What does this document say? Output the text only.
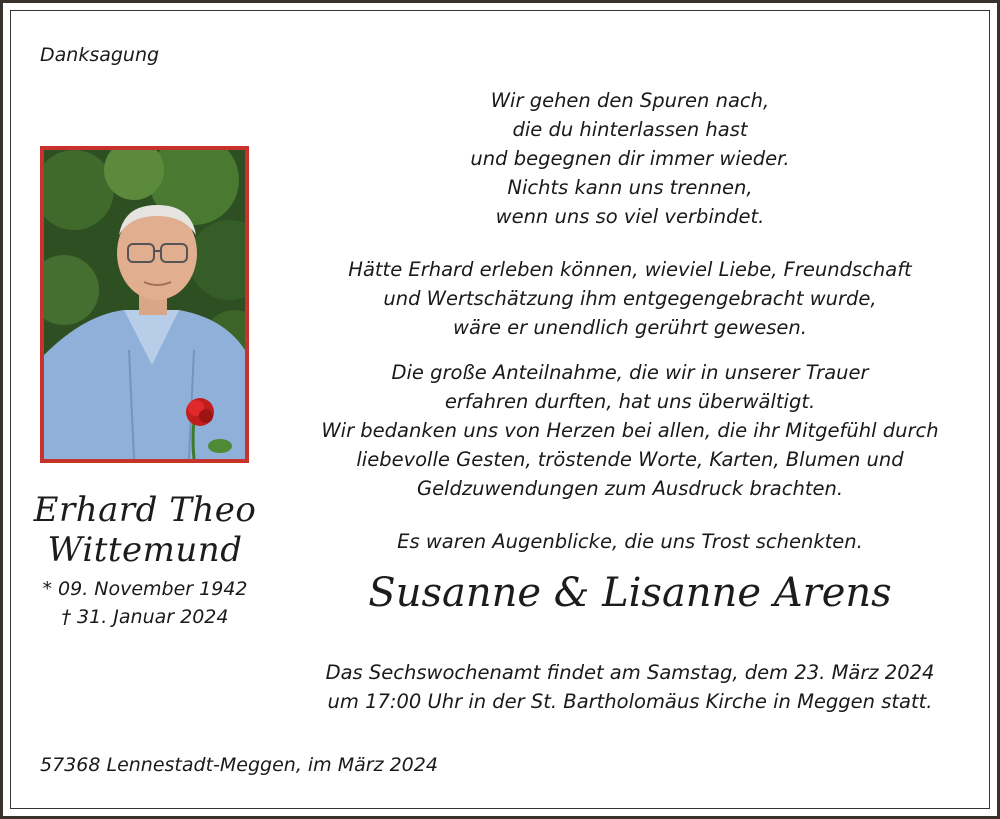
Danksagung
Erhard Theo
Wittemund
* 09. November 1942
† 31. Januar 2024
Wir gehen den Spuren nach,
die du hinterlassen hast
und begegnen dir immer wieder.
Nichts kann uns trennen,
wenn uns so viel verbindet.
Hätte Erhard erleben können, wieviel Liebe, Freundschaft
und Wertschätzung ihm entgegengebracht wurde,
wäre er unendlich gerührt gewesen.
Die große Anteilnahme, die wir in unserer Trauer
erfahren durften, hat uns überwältigt.
Wir bedanken uns von Herzen bei allen, die ihr Mitgefühl durch
liebevolle Gesten, tröstende Worte, Karten, Blumen und
Geldzuwendungen zum Ausdruck brachten.
Es waren Augenblicke, die uns Trost schenkten.
Susanne & Lisanne Arens
Das Sechswochenamt findet am Samstag, dem 23. März 2024
um 17:00 Uhr in der St. Bartholomäus Kirche in Meggen statt.
57368 Lennestadt-Meggen, im März 2024
